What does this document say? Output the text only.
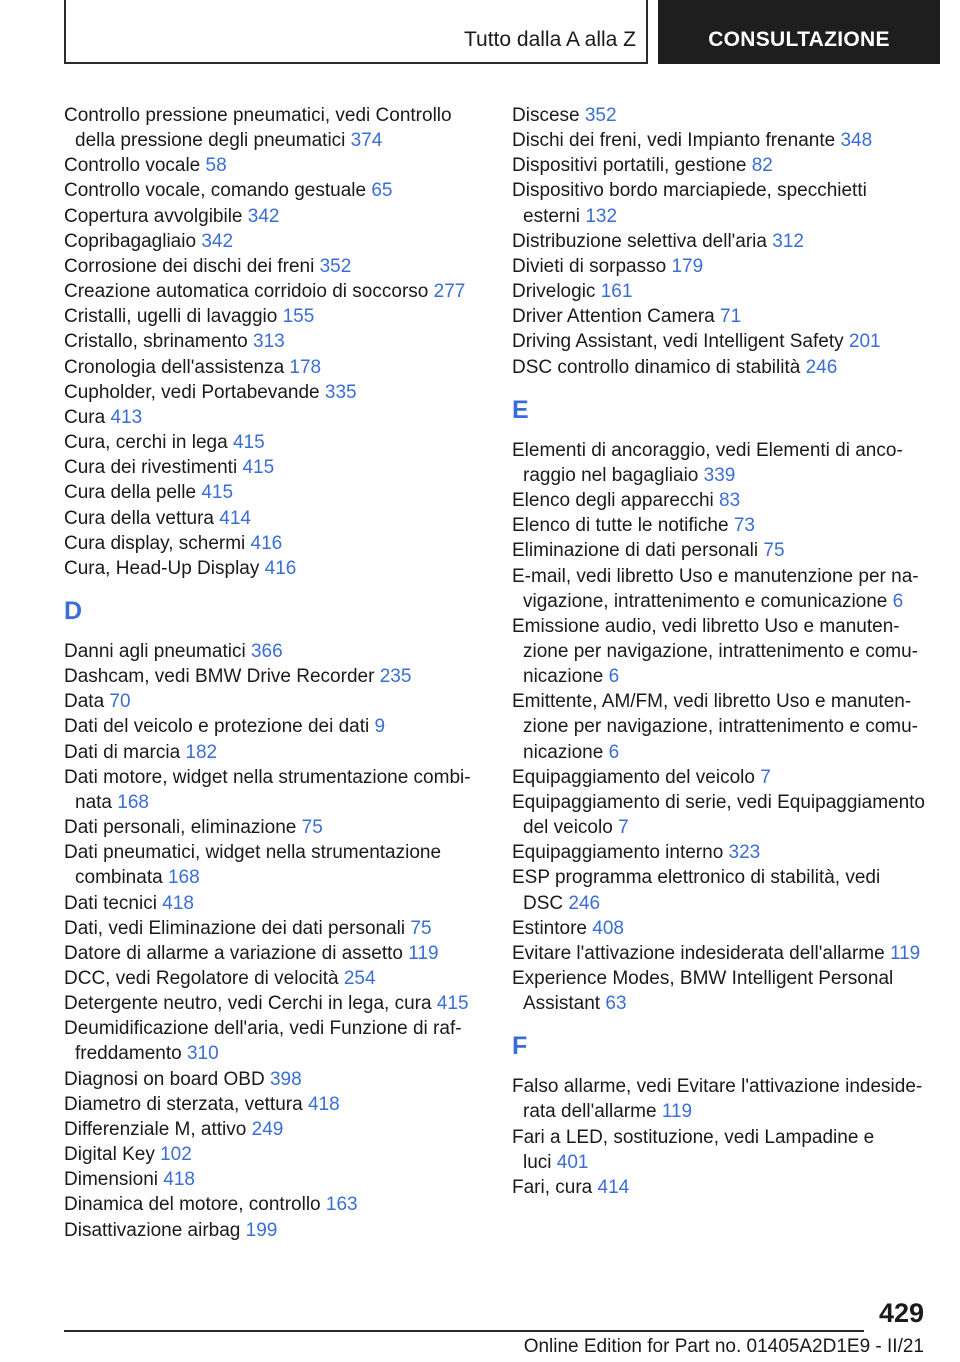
Tutto dalla A alla Z	CONSULTAZIONE
Controllo pressione pneumatici, vedi Controllo
della pressione degli pneumatici 374
Controllo vocale 58
Controllo vocale, comando gestuale 65
Copertura avvolgibile 342
Copribagagliaio 342
Corrosione dei dischi dei freni 352
Creazione automatica corridoio di soccorso 277
Cristalli, ugelli di lavaggio 155
Cristallo, sbrinamento 313
Cronologia dell'assistenza 178
Cupholder, vedi Portabevande 335
Cura 413
Cura, cerchi in lega 415
Cura dei rivestimenti 415
Cura della pelle 415
Cura della vettura 414
Cura display, schermi 416
Cura, Head-Up Display 416
D
Danni agli pneumatici 366
Dashcam, vedi BMW Drive Recorder 235
Data 70
Dati del veicolo e protezione dei dati 9
Dati di marcia 182
Dati motore, widget nella strumentazione combi-
nata 168
Dati personali, eliminazione 75
Dati pneumatici, widget nella strumentazione
combinata 168
Dati tecnici 418
Dati, vedi Eliminazione dei dati personali 75
Datore di allarme a variazione di assetto 119
DCC, vedi Regolatore di velocità 254
Detergente neutro, vedi Cerchi in lega, cura 415
Deumidificazione dell'aria, vedi Funzione di raf-
freddamento 310
Diagnosi on board OBD 398
Diametro di sterzata, vettura 418
Differenziale M, attivo 249
Digital Key 102
Dimensioni 418
Dinamica del motore, controllo 163
Disattivazione airbag 199
Discese 352
Dischi dei freni, vedi Impianto frenante 348
Dispositivi portatili, gestione 82
Dispositivo bordo marciapiede, specchietti
esterni 132
Distribuzione selettiva dell'aria 312
Divieti di sorpasso 179
Drivelogic 161
Driver Attention Camera 71
Driving Assistant, vedi Intelligent Safety 201
DSC controllo dinamico di stabilità 246
E
Elementi di ancoraggio, vedi Elementi di anco-
raggio nel bagagliaio 339
Elenco degli apparecchi 83
Elenco di tutte le notifiche 73
Eliminazione di dati personali 75
E-mail, vedi libretto Uso e manutenzione per na-
vigazione, intrattenimento e comunicazione 6
Emissione audio, vedi libretto Uso e manuten-
zione per navigazione, intrattenimento e comu-
nicazione 6
Emittente, AM/FM, vedi libretto Uso e manuten-
zione per navigazione, intrattenimento e comu-
nicazione 6
Equipaggiamento del veicolo 7
Equipaggiamento di serie, vedi Equipaggiamento
del veicolo 7
Equipaggiamento interno 323
ESP programma elettronico di stabilità, vedi
DSC 246
Estintore 408
Evitare l'attivazione indesiderata dell'allarme 119
Experience Modes, BMW Intelligent Personal
Assistant 63
F
Falso allarme, vedi Evitare l'attivazione indeside-
rata dell'allarme 119
Fari a LED, sostituzione, vedi Lampadine e
luci 401
Fari, cura 414
429
Online Edition for Part no. 01405A2D1E9 - II/21
